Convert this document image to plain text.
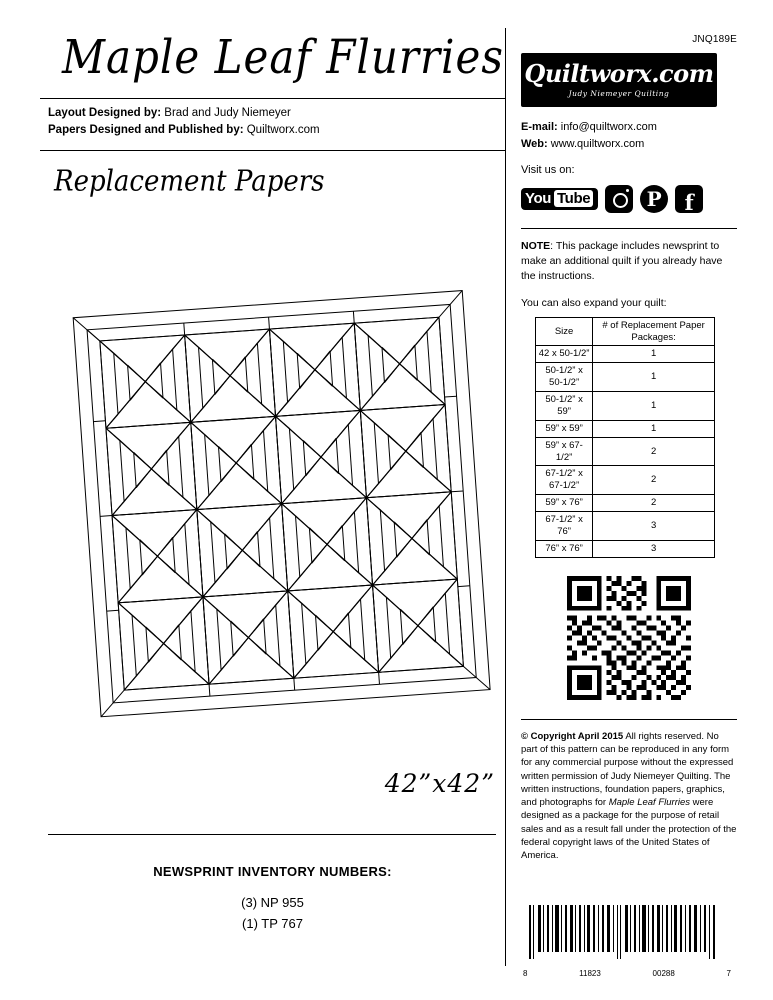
Maple Leaf Flurries
Layout Designed by: Brad and Judy Niemeyer
Papers Designed and Published by: Quiltworx.com
Replacement Papers
42”x42”
NEWSPRINT INVENTORY NUMBERS:
(3) NP 955
(1) TP 767
JNQ189E
Quiltworx.com
Judy Niemeyer Quilting
E-mail: info@quiltworx.com
Web: www.quiltworx.com
Visit us on:
You Tube	P f
NOTE: This package includes newsprint to make an additional quilt if you already have the instructions.
You can also expand your quilt:
Size	# of Replacement Paper Packages:
42 x 50-1/2”	1
50-1/2” x 50-1/2”	1
50-1/2” x 59”	1
59” x 59”	1
59” x 67-1/2”	2
67-1/2” x 67-1/2”	2
59” x 76”	2
67-1/2” x 76”	3
76” x 76”	3
© Copyright April 2015 All rights reserved. No part of this pattern can be reproduced in any form for any commercial purpose without the expressed written permission of Judy Niemeyer Quilting. The written instructions, foundation papers, graphics, and photographs for Maple Leaf Flurries were designed as a package for the purpose of retail sales and as a result fall under the protection of the federal copyright laws of the United States of America.
8	11823	00288	7
